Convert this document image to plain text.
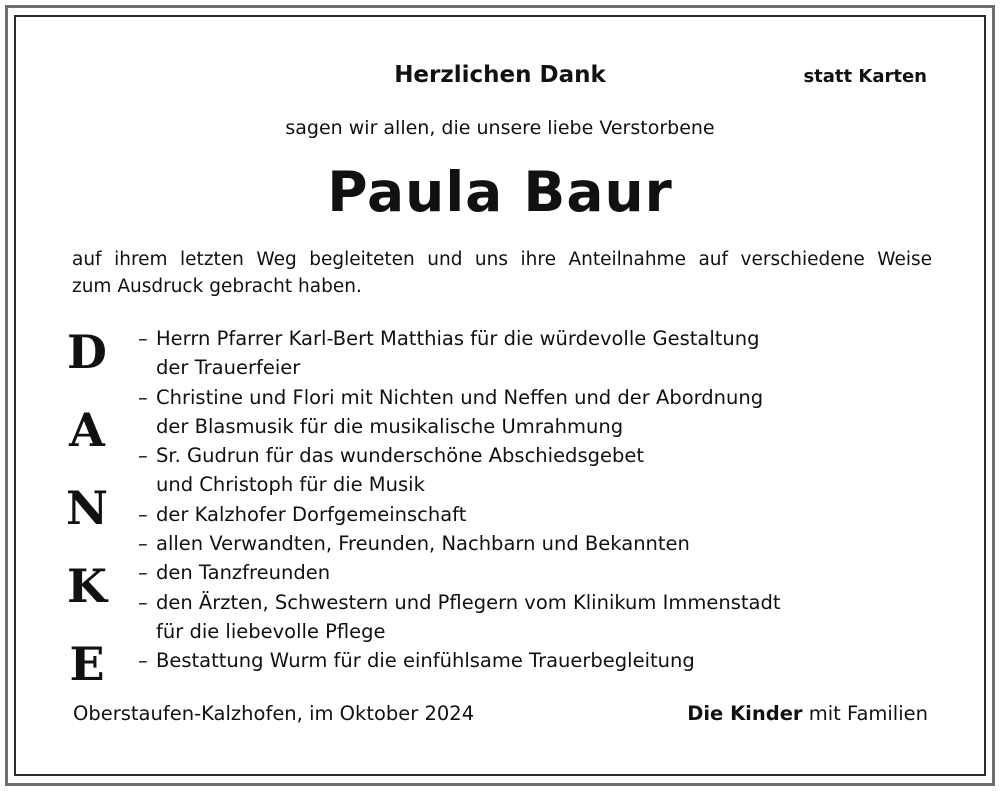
Herzlichen Dank	statt Karten
sagen wir allen, die unsere liebe Verstorbene
Paula Baur
auf ihrem letzten Weg begleiteten und uns ihre Anteilnahme auf verschiedene Weise
zum Ausdruck gebracht haben.
D
A
N
K
E
– Herrn Pfarrer Karl-Bert Matthias für die würdevolle Gestaltung
der Trauerfeier
– Christine und Flori mit Nichten und Neffen und der Abordnung
der Blasmusik für die musikalische Umrahmung
– Sr. Gudrun für das wunderschöne Abschiedsgebet
und Christoph für die Musik
– der Kalzhofer Dorfgemeinschaft
– allen Verwandten, Freunden, Nachbarn und Bekannten
– den Tanzfreunden
– den Ärzten, Schwestern und Pflegern vom Klinikum Immenstadt
für die liebevolle Pflege
– Bestattung Wurm für die einfühlsame Trauerbegleitung
Oberstaufen-Kalzhofen, im Oktober 2024	Die Kinder mit Familien
